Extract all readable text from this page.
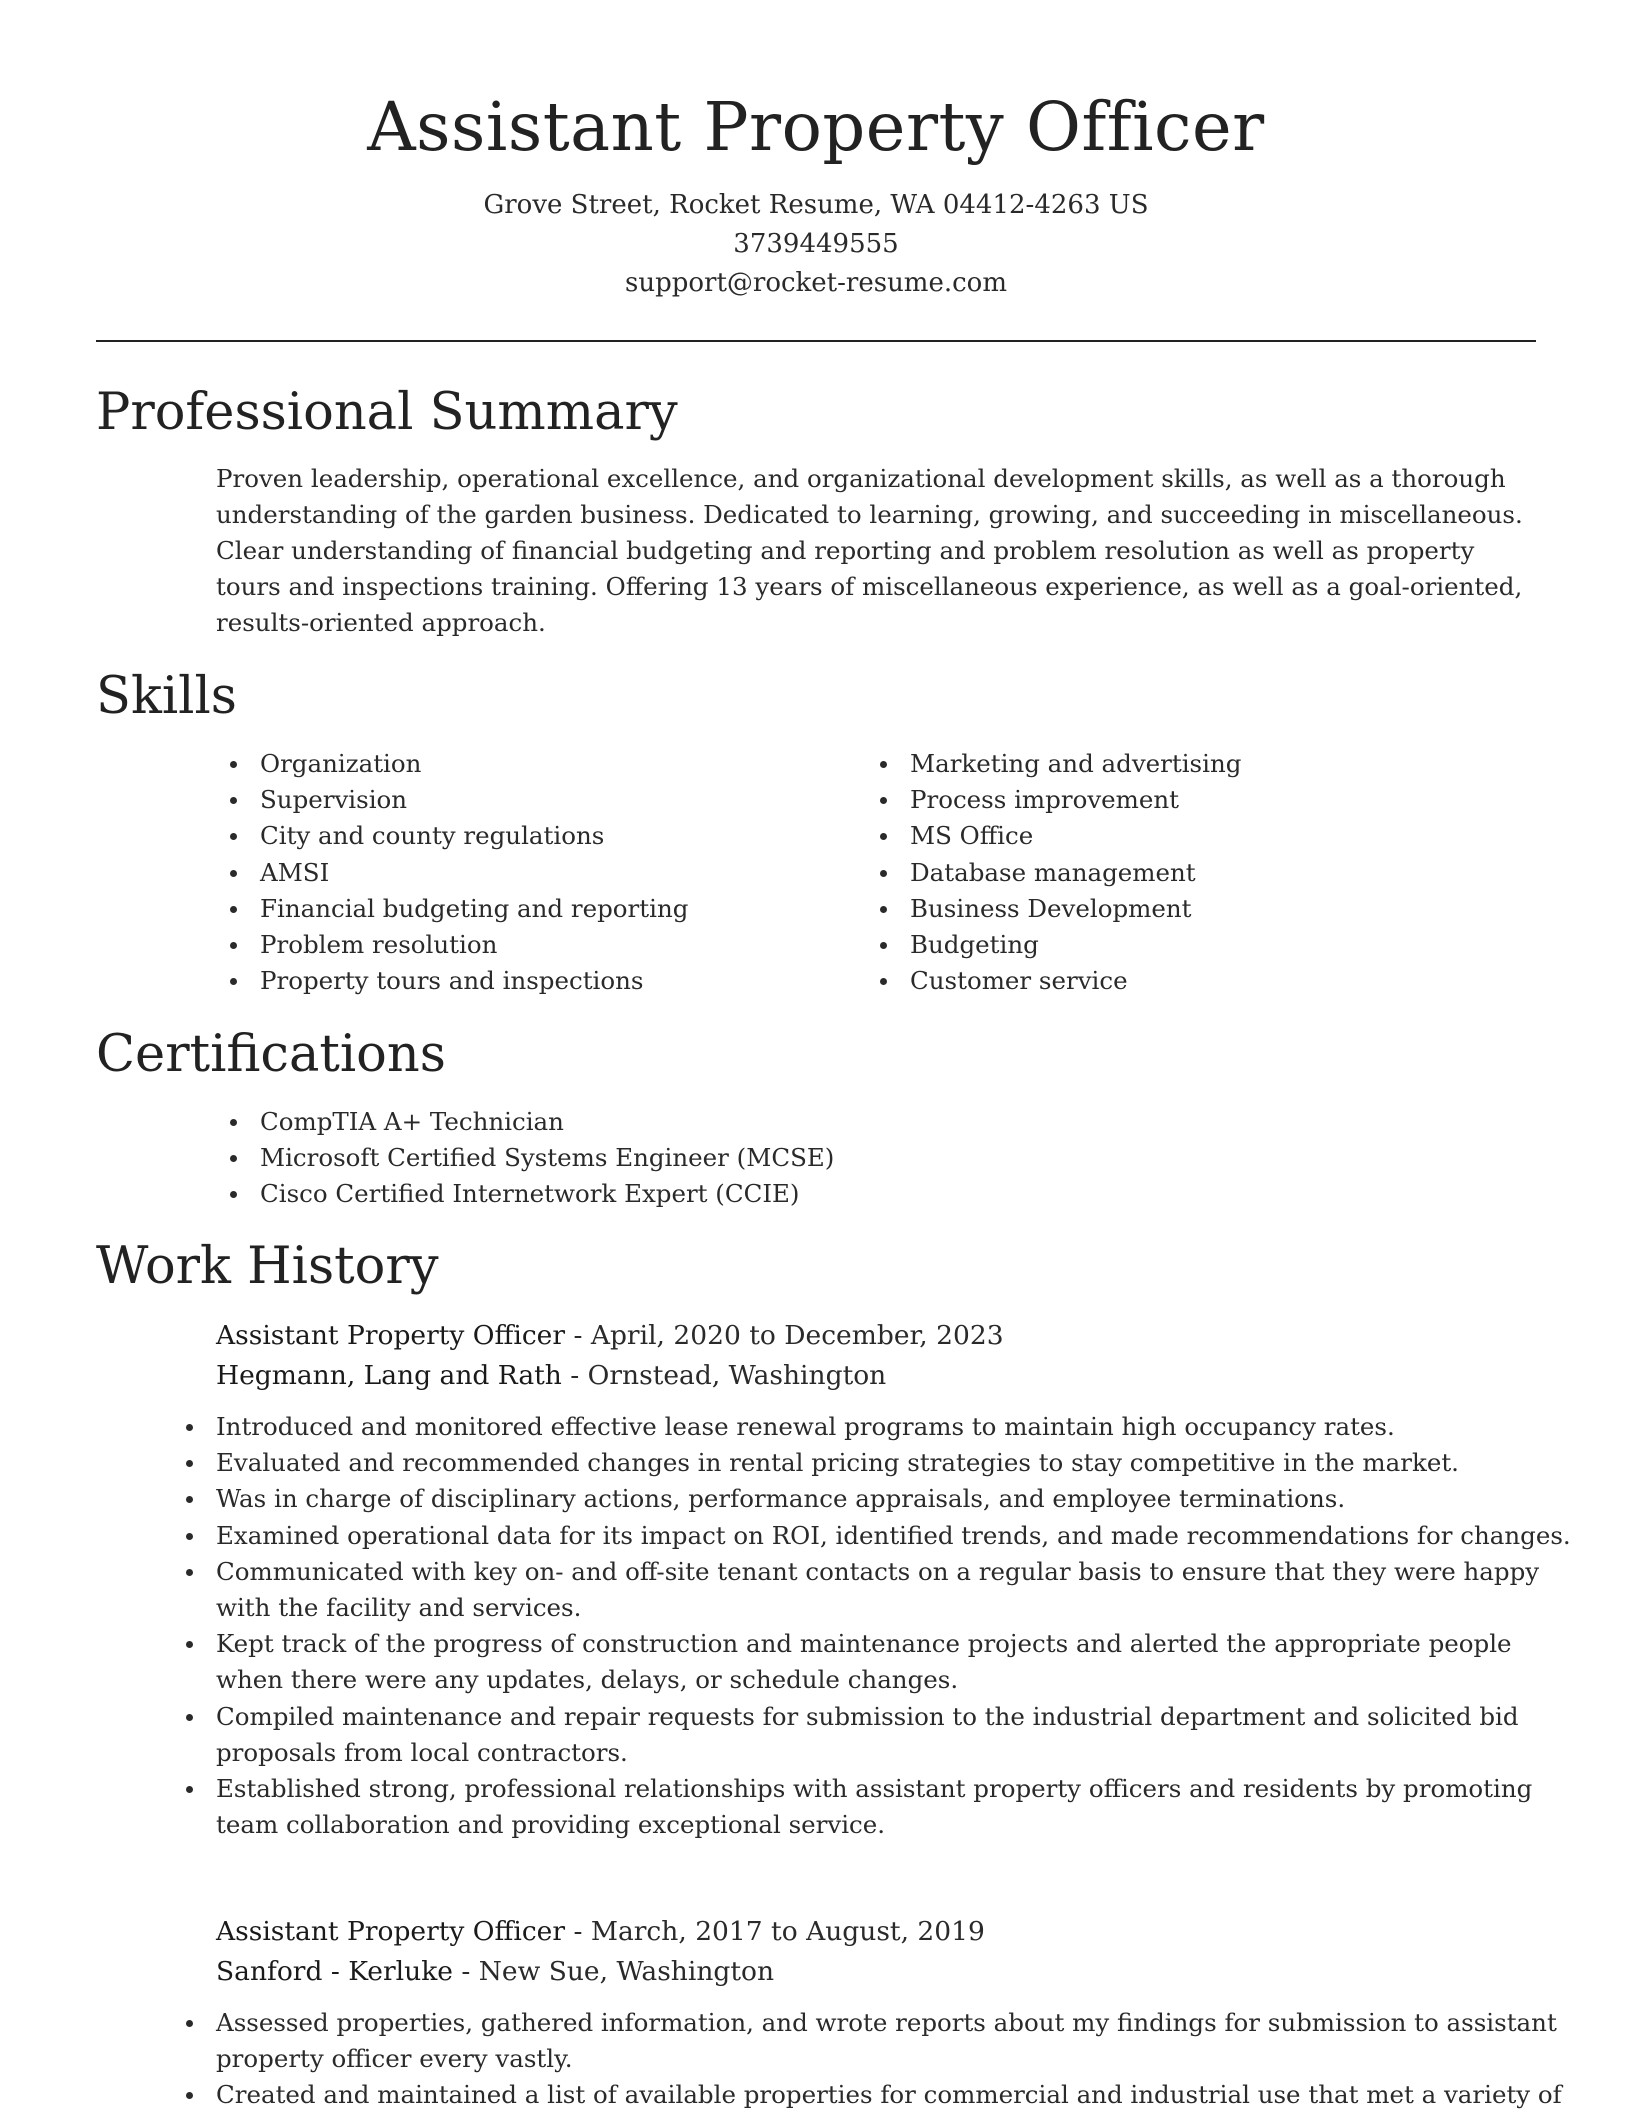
Assistant Property Officer
Grove Street, Rocket Resume, WA 04412-4263 US
3739449555
support@rocket-resume.com
Professional Summary

Proven leadership, operational excellence, and organizational development skills, as well as a thorough understanding of the garden business. Dedicated to learning, growing, and succeeding in miscellaneous. Clear understanding of financial budgeting and reporting and problem resolution as well as property tours and inspections training. Offering 13 years of miscellaneous experience, as well as a goal-oriented, results-oriented approach.

Skills
Organization
Supervision
City and county regulations
AMSI
Financial budgeting and reporting
Problem resolution
Property tours and inspections
Marketing and advertising
Process improvement
MS Office
Database management
Business Development
Budgeting
Customer service
Certifications
CompTIA A+ Technician
Microsoft Certified Systems Engineer (MCSE)
Cisco Certified Internetwork Expert (CCIE)
Work History
Assistant Property Officer - April, 2020 to December, 2023
Hegmann, Lang and Rath - Ornstead, Washington
Introduced and monitored effective lease renewal programs to maintain high occupancy rates.
Evaluated and recommended changes in rental pricing strategies to stay competitive in the market.
Was in charge of disciplinary actions, performance appraisals, and employee terminations.
Examined operational data for its impact on ROI, identified trends, and made recommendations for changes.
Communicated with key on- and off-site tenant contacts on a regular basis to ensure that they were happy with the facility and services.
Kept track of the progress of construction and maintenance projects and alerted the appropriate people when there were any updates, delays, or schedule changes.
Compiled maintenance and repair requests for submission to the industrial department and solicited bid proposals from local contractors.
Established strong, professional relationships with assistant property officers and residents by promoting team collaboration and providing exceptional service.
Assistant Property Officer - March, 2017 to August, 2019
Sanford - Kerluke - New Sue, Washington
Assessed properties, gathered information, and wrote reports about my findings for submission to assistant property officer every vastly.
Created and maintained a list of available properties for commercial and industrial use that met a variety of
